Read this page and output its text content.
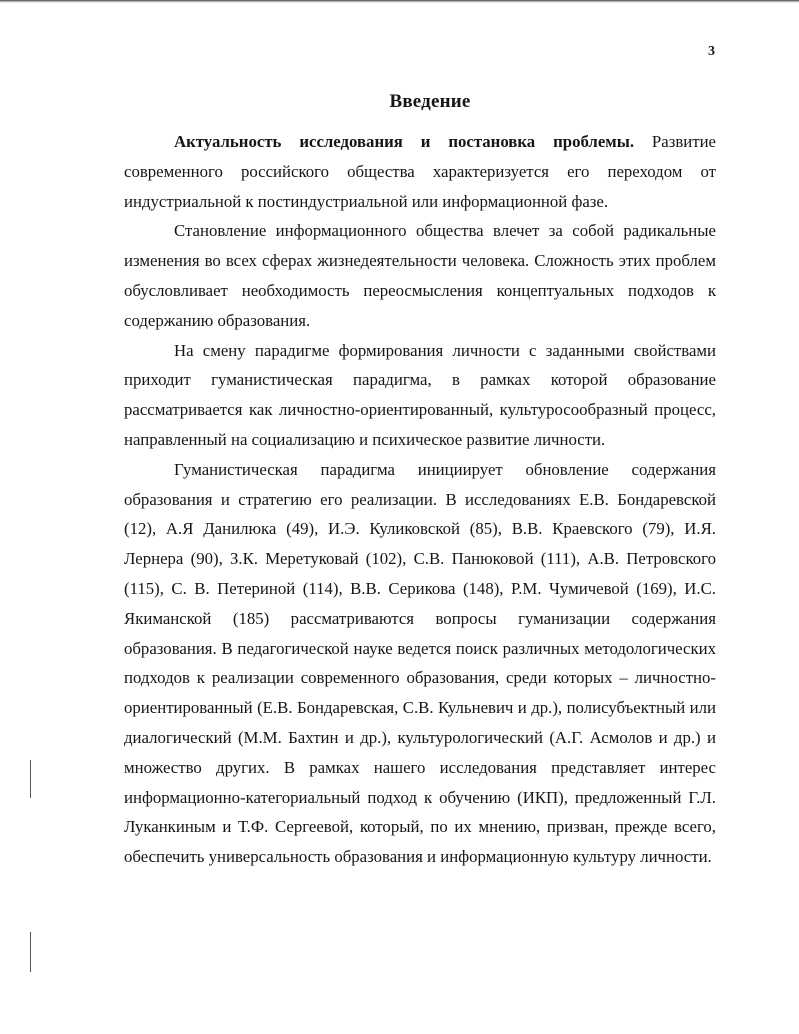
3
Введение

Актуальность исследования и постановка проблемы. Развитие современного российского общества характеризуется его переходом от индустриальной к постиндустриальной или информационной фазе.

Становление информационного общества влечет за собой радикальные изменения во всех сферах жизнедеятельности человека. Сложность этих проблем обусловливает необходимость переосмысления концептуальных подходов к содержанию образования.

На смену парадигме формирования личности с заданными свойствами приходит гуманистическая парадигма, в рамках которой образование рассматривается как личностно-ориентированный, культуросообразный процесс, направленный на социализацию и психическое развитие личности.

Гуманистическая парадигма инициирует обновление содержания образования и стратегию его реализации. В исследованиях Е.В. Бондаревской (12), А.Я Данилюка (49), И.Э. Куликовской (85), В.В. Краевского (79), И.Я. Лернера (90), З.К. Меретуковай (102), С.В. Панюковой (111), А.В. Петровского (115), С. В. Петериной (114), В.В. Серикова (148), Р.М. Чумичевой (169), И.С. Якиманской (185) рассматриваются вопросы гуманизации содержания образования. В педагогической науке ведется поиск различных методологических подходов к реализации современного образования, среди которых – личностно-ориентированный (Е.В. Бондаревская, С.В. Кульневич и др.), полисубъектный или диалогический (М.М. Бахтин и др.), культурологический (А.Г. Асмолов и др.) и множество других. В рамках нашего исследования представляет интерес информационно-категориальный подход к обучению (ИКП), предложенный Г.Л. Луканкиным и Т.Ф. Сергеевой, который, по их мнению, призван, прежде всего, обеспечить универсальность образования и информационную культуру личности.
